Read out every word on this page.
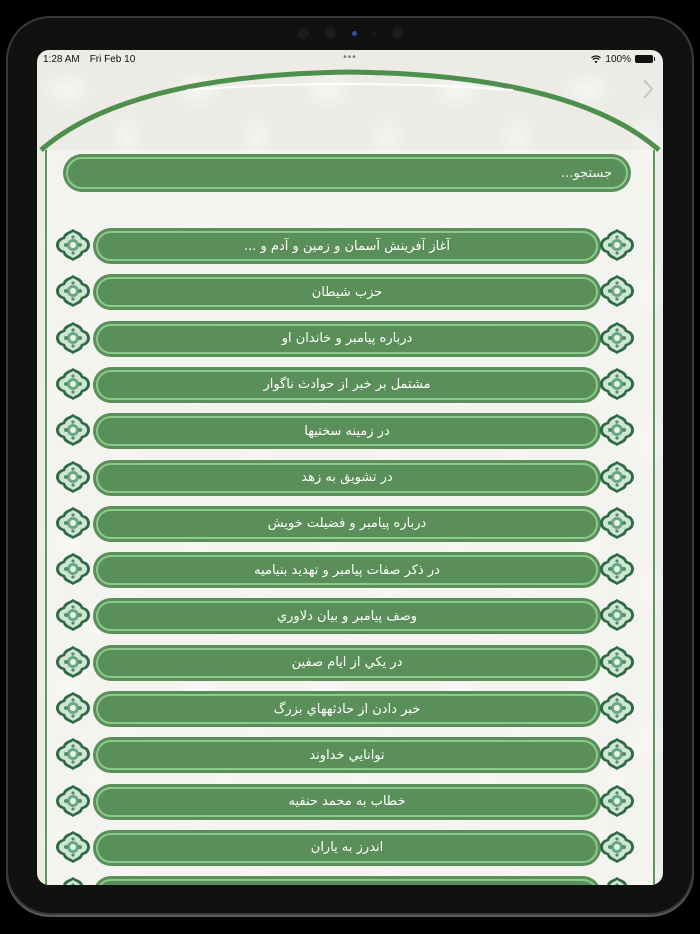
1:28 AM Fri Feb 10	•••	100%
جستجو...
آغاز آفرينش آسمان و زمين و آدم و ...
حزب شيطان
درباره پيامبر و خاندان او
مشتمل بر خبر از حوادث ناگوار
در زمينه سختيها
در تشويق به زهد
درباره پيامبر و فضيلت خويش
در ذكر صفات پيامبر و تهديد بنياميه
وصف پيامبر و بيان دلاوري
در يكي از ايام صفين
خبر دادن از حادثههاي بزرگ
توانايي خداوند
خطاب به محمد حنفيه
اندرز به ياران
